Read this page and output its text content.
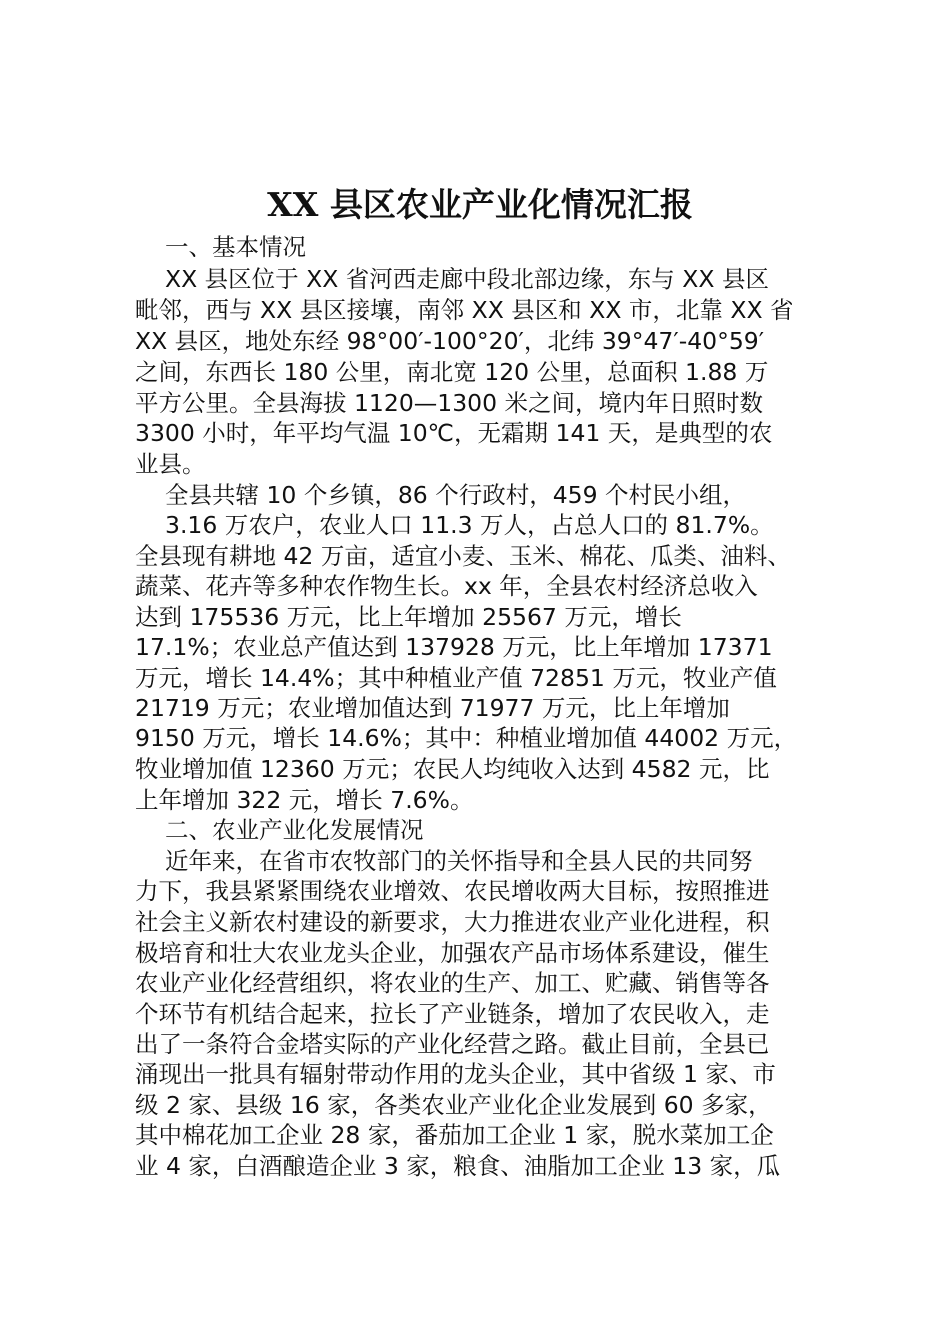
XX 县区农业产业化情况汇报
一、基本情况
XX 县区位于 XX 省河西走廊中段北部边缘，东与 XX 县区
毗邻，西与 XX 县区接壤，南邻 XX 县区和 XX 市，北靠 XX 省
XX 县区，地处东经 98°00′-100°20′，北纬 39°47′-40°59′
之间，东西长 180 公里，南北宽 120 公里，总面积 1.88 万
平方公里。全县海拔 1120—1300 米之间，境内年日照时数
3300 小时，年平均气温 10℃，无霜期 141 天，是典型的农
业县。
全县共辖 10 个乡镇，86 个行政村，459 个村民小组，
3.16 万农户，农业人口 11.3 万人，占总人口的 81.7%。
全县现有耕地 42 万亩，适宜小麦、玉米、棉花、瓜类、油料、
蔬菜、花卉等多种农作物生长。xx 年，全县农村经济总收入
达到 175536 万元，比上年增加 25567 万元，增长
17.1%；农业总产值达到 137928 万元，比上年增加 17371
万元，增长 14.4%；其中种植业产值 72851 万元，牧业产值
21719 万元；农业增加值达到 71977 万元，比上年增加
9150 万元，增长 14.6%；其中：种植业增加值 44002 万元，
牧业增加值 12360 万元；农民人均纯收入达到 4582 元，比
上年增加 322 元，增长 7.6%。
二、农业产业化发展情况
近年来，在省市农牧部门的关怀指导和全县人民的共同努
力下，我县紧紧围绕农业增效、农民增收两大目标，按照推进
社会主义新农村建设的新要求，大力推进农业产业化进程，积
极培育和壮大农业龙头企业，加强农产品市场体系建设，催生
农业产业化经营组织，将农业的生产、加工、贮藏、销售等各
个环节有机结合起来，拉长了产业链条，增加了农民收入，走
出了一条符合金塔实际的产业化经营之路。截止目前，全县已
涌现出一批具有辐射带动作用的龙头企业，其中省级 1 家、市
级 2 家、县级 16 家，各类农业产业化企业发展到 60 多家，
其中棉花加工企业 28 家，番茄加工企业 1 家，脱水菜加工企
业 4 家，白酒酿造企业 3 家，粮食、油脂加工企业 13 家，瓜
